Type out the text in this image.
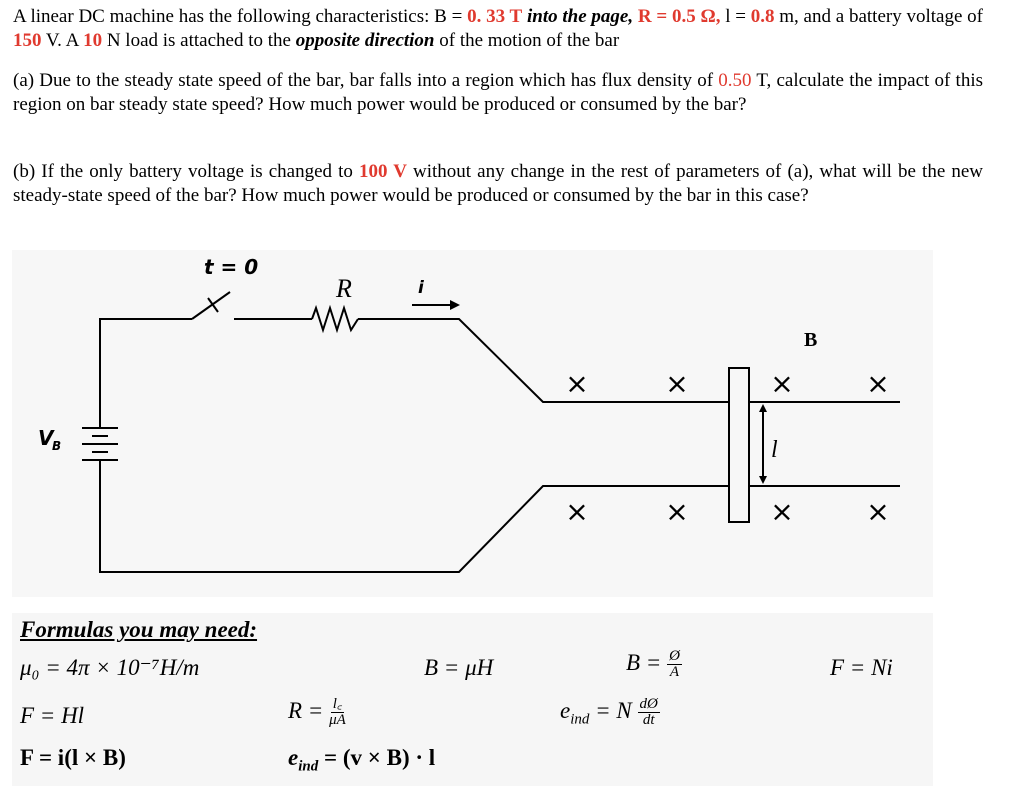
A linear DC machine has the following characteristics: B = 0. 33 T into the page, R = 0.5 Ω, l = 0.8 m, and a battery voltage of 150 V. A 10 N load is attached to the opposite direction of the motion of the bar
(a) Due to the steady state speed of the bar, bar falls into a region which has flux density of 0.50 T, calculate the impact of this region on bar steady state speed? How much power would be produced or consumed by the bar?
(b) If the only battery voltage is changed to 100 V without any change in the rest of parameters of (a), what will be the new steady-state speed of the bar? How much power would be produced or consumed by the bar in this case?
t = 0
R	i
V
B
B
l
×	×	×	×
×	×	×	×
Formulas you may need:
μ₀ = 4π × 10⁻⁷H/m	B = μH	$B = \frac{Ø}{A}$	F = Ni
F = Hl	$R = \frac{l꜀}{\mu A}$	$e_{ind} = N \frac{dØ}{dt}$
F = i(l × B)	$e_{ind} = (v \times B) \cdot l$
